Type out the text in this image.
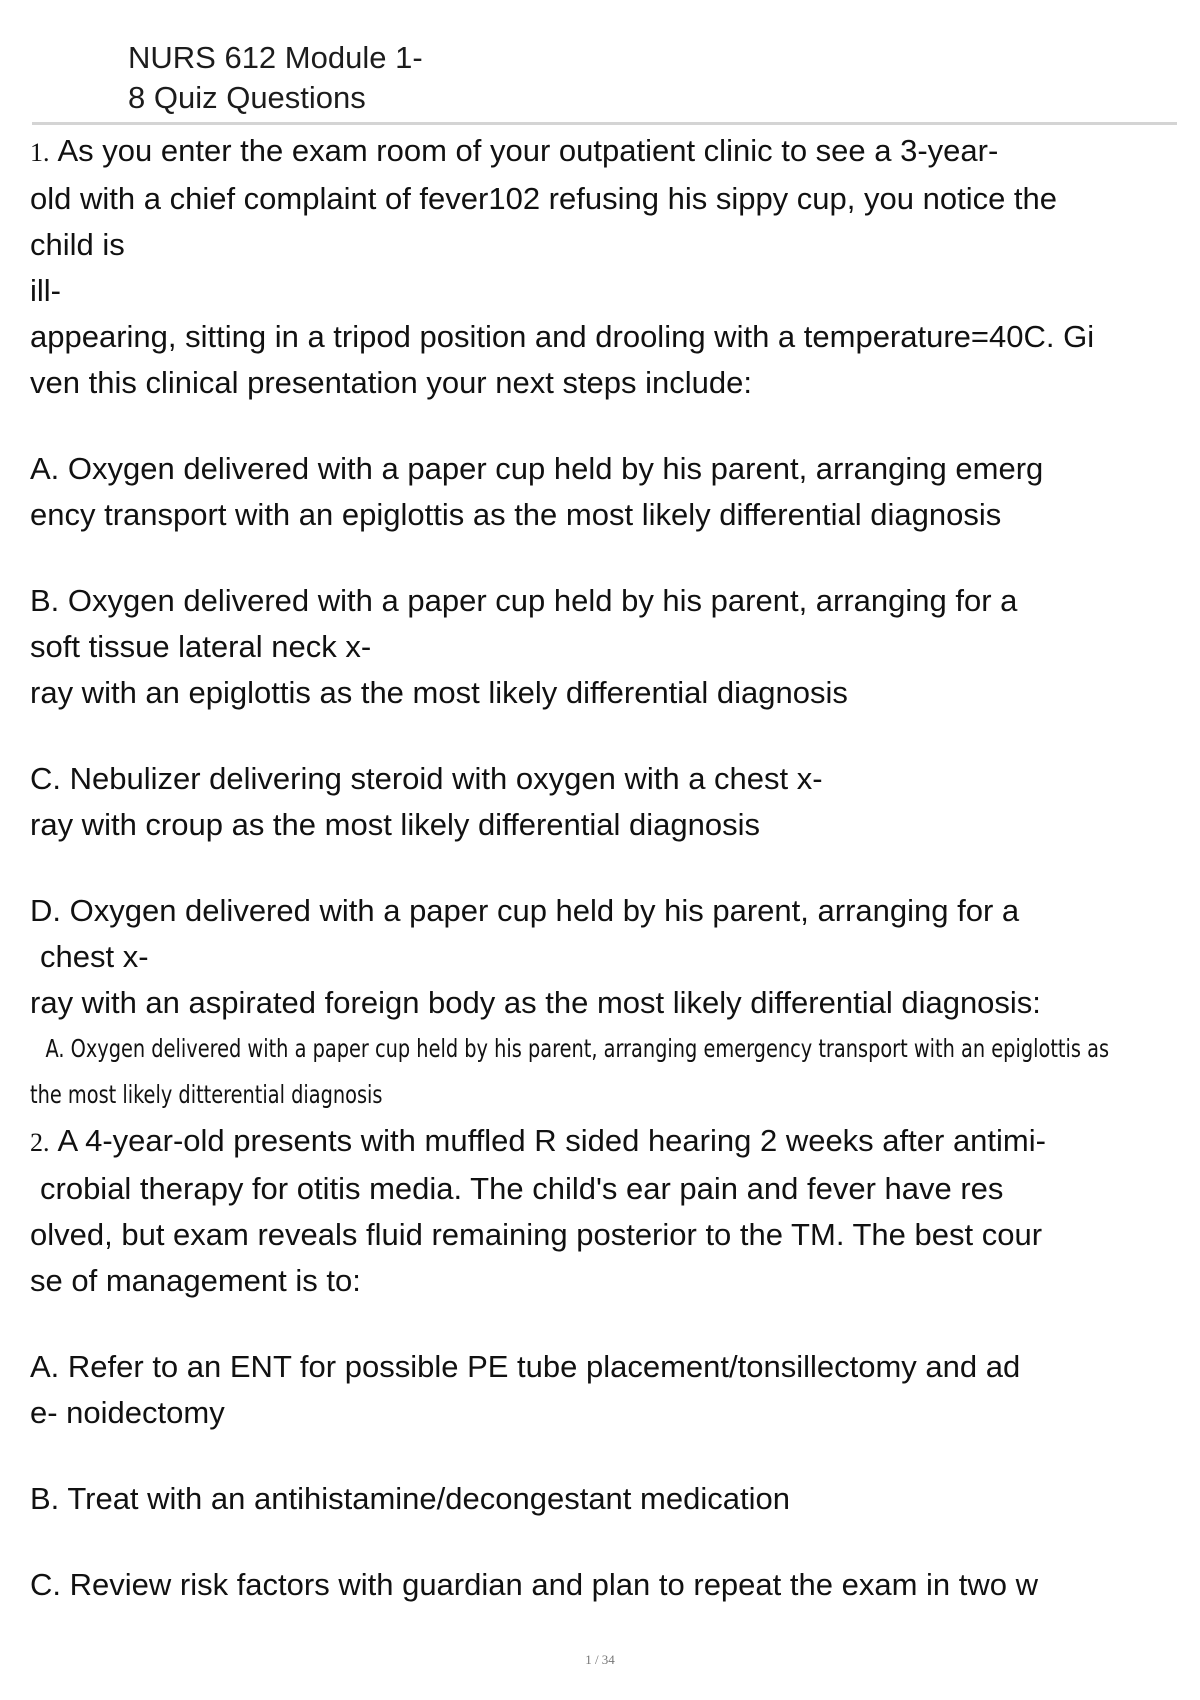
NURS 612 Module 1-
8 Quiz Questions
1. As you enter the exam room of your outpatient clinic to see a 3-year-
old with a chief complaint of fever102 refusing his sippy cup, you notice the
child is
ill-
appearing, sitting in a tripod position and drooling with a temperature=40C. Gi
ven this clinical presentation your next steps include:
A. Oxygen delivered with a paper cup held by his parent, arranging emerg
ency transport with an epiglottis as the most likely differential diagnosis
B. Oxygen delivered with a paper cup held by his parent, arranging for a
soft tissue lateral neck x-
ray with an epiglottis as the most likely differential diagnosis
C. Nebulizer delivering steroid with oxygen with a chest x-
ray with croup as the most likely differential diagnosis
D. Oxygen delivered with a paper cup held by his parent, arranging for a
chest x-
ray with an aspirated foreign body as the most likely differential diagnosis:
A. Oxygen delivered with a paper cup held by his parent, arranging emergency transport with an epiglottis as
the most likely ditterential diagnosis
2. A 4-year-old presents with muffled R sided hearing 2 weeks after antimi-
crobial therapy for otitis media. The child's ear pain and fever have res
olved, but exam reveals fluid remaining posterior to the TM. The best cour
se of management is to:
A. Refer to an ENT for possible PE tube placement/tonsillectomy and ad
e- noidectomy
B. Treat with an antihistamine/decongestant medication
C. Review risk factors with guardian and plan to repeat the exam in two w
1 / 34
